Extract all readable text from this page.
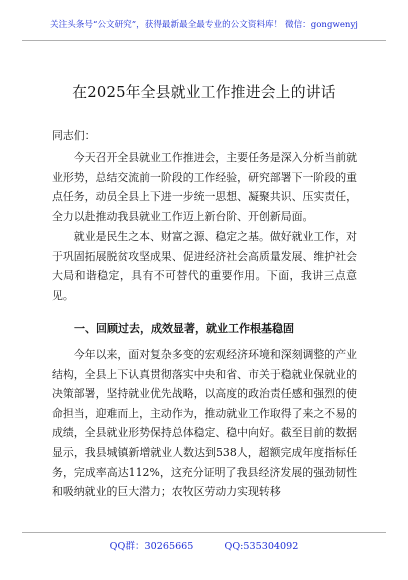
关注头条号“公文研究”，获得最新最全最专业的公文资料库！ 微信：gongwenyj
在2025年全县就业工作推进会上的讲话
同志们：

今天召开全县就业工作推进会，主要任务是深入分析当前就业形势，总结交流前一阶段的工作经验，研究部署下一阶段的重点任务，动员全县上下进一步统一思想、凝聚共识、压实责任，全力以赴推动我县就业工作迈上新台阶、开创新局面。

就业是民生之本、财富之源、稳定之基。做好就业工作，对于巩固拓展脱贫攻坚成果、促进经济社会高质量发展、维护社会大局和谐稳定，具有不可替代的重要作用。下面，我讲三点意见。

一、回顾过去，成效显著，就业工作根基稳固

今年以来，面对复杂多变的宏观经济环境和深刻调整的产业结构，全县上下认真贯彻落实中央和省、市关于稳就业保就业的决策部署，坚持就业优先战略，以高度的政治责任感和强烈的使命担当，迎难而上，主动作为，推动就业工作取得了来之不易的成绩，全县就业形势保持总体稳定、稳中向好。截至目前的数据显示，我县城镇新增就业人数达到538人，超额完成年度指标任务，完成率高达112%，这充分证明了我县经济发展的强劲韧性和吸纳就业的巨大潜力；农牧区劳动力实现转移

QQ群：30265665	QQ:535304092
